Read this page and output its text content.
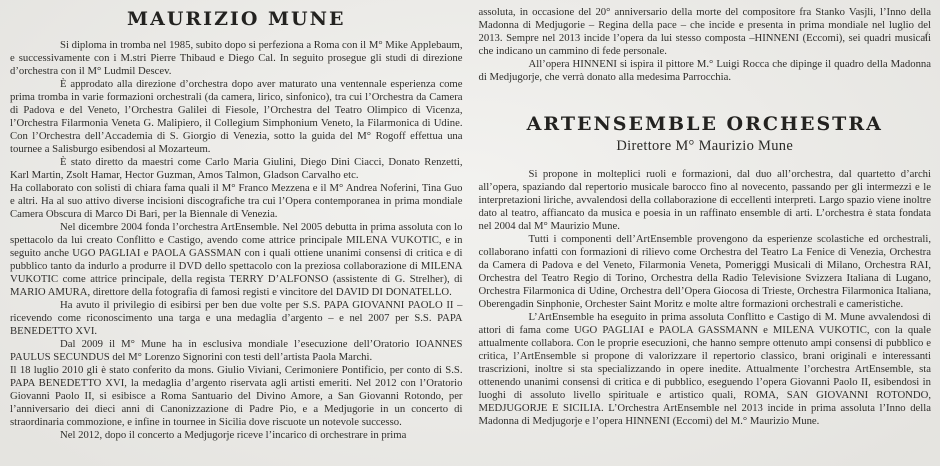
MAURIZIO MUNE

Si diploma in tromba nel 1985, subito dopo si perfeziona a Roma con il M° Mike Applebaum, e successivamente con i M.stri Pierre Thibaud e Diego Cal. In seguito prosegue gli studi di direzione d’orchestra con il M° Ludmil Descev.

È approdato alla direzione d’orchestra dopo aver maturato una ventennale esperienza come prima tromba in varie formazioni orchestrali (da camera, lirico, sinfonico), tra cui l’Orchestra da Camera di Padova e del Veneto, l’Orchestra Galilei di Fiesole, l’Orchestra del Teatro Olimpico di Vicenza, l’Orchestra Filarmonia Veneta G. Malipiero, il Collegium Simphonium Veneto, la Filarmonica di Udine. Con l’Orchestra dell’Accademia di S. Giorgio di Venezia, sotto la guida del M° Rogoff effettua una tournee a Salisburgo esibendosi al Mozarteum.

È stato diretto da maestri come Carlo Maria Giulini, Diego Dini Ciacci, Donato Renzetti, Karl Martin, Zsolt Hamar, Hector Guzman, Amos Talmon, Gladson Carvalho etc.

Ha collaborato con solisti di chiara fama quali il M° Franco Mezzena e il M° Andrea Noferini, Tina Guo e altri. Ha al suo attivo diverse incisioni discografiche tra cui l’Opera contemporanea in prima mondiale Camera Obscura di Marco Di Bari, per la Biennale di Venezia.

Nel dicembre 2004 fonda l’orchestra ArtEnsemble. Nel 2005 debutta in prima assoluta con lo spettacolo da lui creato Conflitto e Castigo, avendo come attrice principale MILENA VUKOTIC, e in seguito anche UGO PAGLIAI e PAOLA GASSMAN con i quali ottiene unanimi consensi di critica e di pubblico tanto da indurlo a produrre il DVD dello spettacolo con la preziosa collaborazione di MILENA VUKOTIC come attrice principale, della regista TERRY D’ALFONSO (assistente di G. Strelher), di MARIO AMURA, direttore della fotografia di famosi registi e vincitore del DAVID DI DONATELLO.

Ha avuto il privilegio di esibirsi per ben due volte per S.S. PAPA GIOVANNI PAOLO II – ricevendo come riconoscimento una targa e una medaglia d’argento – e nel 2007 per S.S. PAPA BENEDETTO XVI.

Dal 2009 il M° Mune ha in esclusiva mondiale l’esecuzione dell’Oratorio IOANNES PAULUS SECUNDUS del M° Lorenzo Signorini con testi dell’artista Paola Marchi.

Il 18 luglio 2010 gli è stato conferito da mons. Giulio Viviani, Cerimoniere Pontificio, per conto di S.S. PAPA BENEDETTO XVI, la medaglia d’argento riservata agli artisti emeriti. Nel 2012 con l’Oratorio Giovanni Paolo II, si esibisce a Roma Santuario del Divino Amore, a San Giovanni Rotondo, per l’anniversario dei dieci anni di Canonizzazione di Padre Pio, e a Medjugorie in un concerto di straordinaria commozione, e infine in tournee in Sicilia dove riscuote un notevole successo.

Nel 2012, dopo il concerto a Medjugorje riceve l’incarico di orchestrare in prima

assoluta, in occasione del 20° anniversario della morte del compositore fra Stanko Vasjli, l’Inno della Madonna di Medjugorie – Regina della pace – che incide e presenta in prima mondiale nel luglio del 2013. Sempre nel 2013 incide l’opera da lui stesso composta –HINNENI (Eccomi), sei quadri musicali che indicano un cammino di fede personale.

All’opera HINNENI si ispira il pittore M.° Luigi Rocca che dipinge il quadro della Madonna di Medjugorje, che verrà donato alla medesima Parrocchia.

ARTENSEMBLE ORCHESTRA
Direttore M° Maurizio Mune

Si propone in molteplici ruoli e formazioni, dal duo all’orchestra, dal quartetto d’archi all’opera, spaziando dal repertorio musicale barocco fino al novecento, passando per gli intermezzi e le interpretazioni liriche, avvalendosi della collaborazione di eccellenti interpreti. Largo spazio viene inoltre dato al teatro, affiancato da musica e poesia in un raffinato ensemble di arti. L’orchestra è stata fondata nel 2004 dal M° Maurizio Mune.

Tutti i componenti dell’ArtEnsemble provengono da esperienze scolastiche ed orchestrali, collaborano infatti con formazioni di rilievo come Orchestra del Teatro La Fenice di Venezia, Orchestra da Camera di Padova e del Veneto, Filarmonia Veneta, Pomeriggi Musicali di Milano, Orchestra RAI, Orchestra del Teatro Regio di Torino, Orchestra della Radio Televisione Svizzera Italiana di Lugano, Orchestra Filarmonica di Udine, Orchestra dell’Opera Giocosa di Trieste, Orchestra Filarmonica Italiana, Oberengadin Sinphonie, Orchester Saint Moritz e molte altre formazioni orchestrali e cameristiche.

L’ArtEnsemble ha eseguito in prima assoluta Conflitto e Castigo di M. Mune avvalendosi di attori di fama come UGO PAGLIAI e PAOLA GASSMANN e MILENA VUKOTIC, con la quale attualmente collabora. Con le proprie esecuzioni, che hanno sempre ottenuto ampi consensi di pubblico e critica, l’ArtEnsemble si propone di valorizzare il repertorio classico, brani originali e interessanti trascrizioni, inoltre si sta specializzando in opere inedite. Attualmente l’orchestra ArtEnsemble, sta ottenendo unanimi consensi di critica e di pubblico, eseguendo l’opera Giovanni Paolo II, esibendosi in luoghi di assoluto livello spirituale e artistico quali, ROMA, SAN GIOVANNI ROTONDO, MEDJUGORJE E SICILIA. L’Orchestra ArtEnsemble nel 2013 incide in prima assoluta l’Inno della Madonna di Medjugorje e l’opera HINNENI (Eccomi) del M.° Maurizio Mune.
